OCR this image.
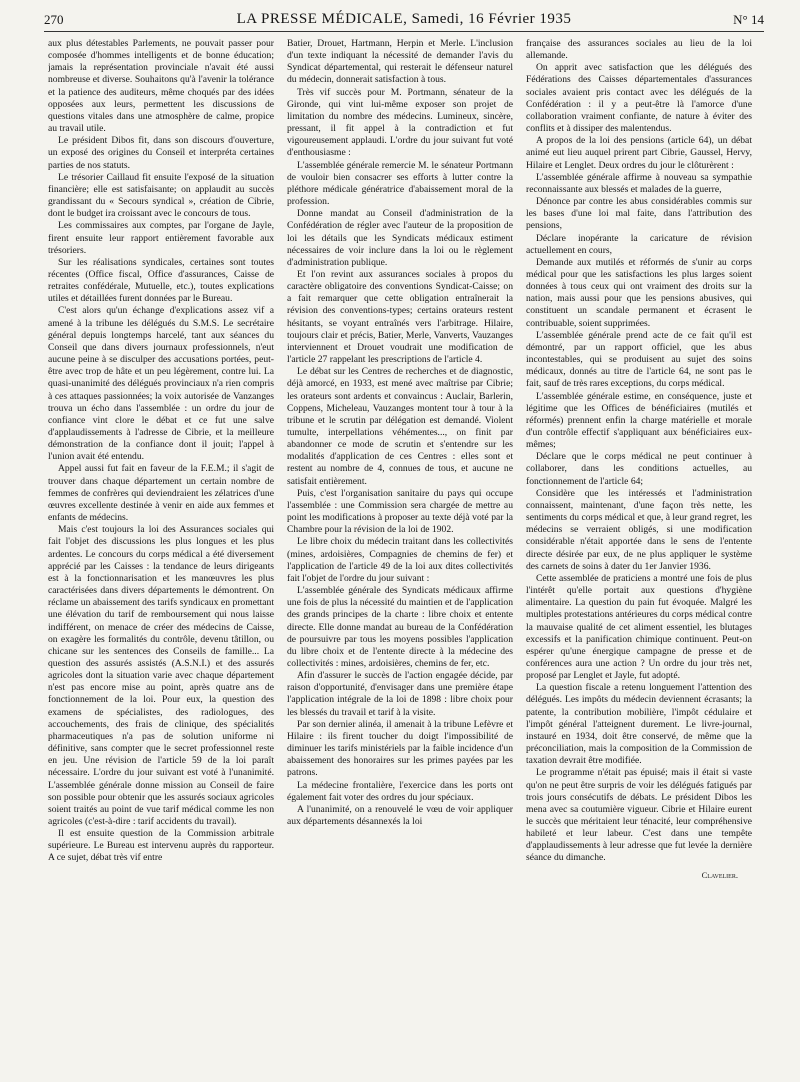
270	LA PRESSE MÉDICALE, Samedi, 16 Février 1935	N° 14

aux plus détestables Parlements, ne pouvait passer pour composée d'hommes intelligents et de bonne éducation; jamais la représentation provinciale n'avait été aussi nombreuse et diverse. Souhaitons qu'à l'avenir la tolérance et la patience des auditeurs, même choqués par des idées opposées aux leurs, permettent les discussions de questions vitales dans une atmosphère de calme, propice au travail utile.

Le président Dibos fit, dans son discours d'ouverture, un exposé des origines du Conseil et interpréta certaines parties de nos statuts.

Le trésorier Caillaud fit ensuite l'exposé de la situation financière; elle est satisfaisante; on applaudit au succès grandissant du « Secours syndical », création de Cibrie, dont le budget ira croissant avec le concours de tous.

Les commissaires aux comptes, par l'organe de Jayle, firent ensuite leur rapport entièrement favorable aux trésoriers.

Sur les réalisations syndicales, certaines sont toutes récentes (Office fiscal, Office d'assurances, Caisse de retraites confédérale, Mutuelle, etc.), toutes explications utiles et détaillées furent données par le Bureau.

C'est alors qu'un échange d'explications assez vif a amené à la tribune les délégués du S.M.S. Le secrétaire général depuis longtemps harcelé, tant aux séances du Conseil que dans divers journaux professionnels, n'eut aucune peine à se disculper des accusations portées, peut-être avec trop de hâte et un peu légèrement, contre lui. La quasi-unanimité des délégués provinciaux n'a rien compris à ces attaques passionnées; la voix autorisée de Vanzanges trouva un écho dans l'assemblée : un ordre du jour de confiance vint clore le débat et ce fut une salve d'applaudissements à l'adresse de Cibrie, et la meilleure démonstration de la confiance dont il jouit; l'appel à l'union avait été entendu.

Appel aussi fut fait en faveur de la F.E.M.; il s'agit de trouver dans chaque département un certain nombre de femmes de confrères qui deviendraient les zélatrices d'une œuvres excellente destinée à venir en aide aux femmes et enfants de médecins.

Mais c'est toujours la loi des Assurances sociales qui fait l'objet des discussions les plus longues et les plus ardentes. Le concours du corps médical a été diversement apprécié par les Caisses : la tendance de leurs dirigeants est à la fonctionnarisation et les manœuvres les plus caractérisées dans divers départements le démontrent. On réclame un abaissement des tarifs syndicaux en promettant une élévation du tarif de remboursement qui nous laisse indifférent, on menace de créer des médecins de Caisse, on exagère les formalités du contrôle, devenu tâtillon, ou chicane sur les sentences des Conseils de famille... La question des assurés assistés (A.S.N.I.) et des assurés agricoles dont la situation varie avec chaque département n'est pas encore mise au point, après quatre ans de fonctionnement de la loi. Pour eux, la question des examens de spécialistes, des radiologues, des accouchements, des frais de clinique, des spécialités pharmaceutiques n'a pas de solution uniforme ni définitive, sans compter que le secret professionnel reste en jeu. Une révision de l'article 59 de la loi paraît nécessaire. L'ordre du jour suivant est voté à l'unanimité. L'assemblée générale donne mission au Conseil de faire son possible pour obtenir que les assurés sociaux agricoles soient traités au point de vue tarif médical comme les non agricoles (c'est-à-dire : tarif accidents du travail).

Il est ensuite question de la Commission arbitrale supérieure. Le Bureau est intervenu auprès du rapporteur. A ce sujet, débat très vif entre

Batier, Drouet, Hartmann, Herpin et Merle. L'inclusion d'un texte indiquant la nécessité de demander l'avis du Syndicat départemental, qui resterait le défenseur naturel du médecin, donnerait satisfaction à tous.

Très vif succès pour M. Portmann, sénateur de la Gironde, qui vint lui-même exposer son projet de limitation du nombre des médecins. Lumineux, sincère, pressant, il fit appel à la contradiction et fut vigoureusement applaudi. L'ordre du jour suivant fut voté d'enthousiasme :

L'assemblée générale remercie M. le sénateur Portmann de vouloir bien consacrer ses efforts à lutter contre la pléthore médicale génératrice d'abaissement moral de la profession.

Donne mandat au Conseil d'administration de la Confédération de régler avec l'auteur de la proposition de loi les détails que les Syndicats médicaux estiment nécessaires de voir inclure dans la loi ou le règlement d'administration publique.

Et l'on revint aux assurances sociales à propos du caractère obligatoire des conventions Syndicat-Caisse; on a fait remarquer que cette obligation entraînerait la révision des conventions-types; certains orateurs restent hésitants, se voyant entraînés vers l'arbitrage. Hilaire, toujours clair et précis, Batier, Merle, Vanverts, Vauzanges interviennent et Drouet voudrait une modification de l'article 27 rappelant les prescriptions de l'article 4.

Le débat sur les Centres de recherches et de diagnostic, déjà amorcé, en 1933, est mené avec maîtrise par Cibrie; les orateurs sont ardents et convaincus : Auclair, Barlerin, Coppens, Micheleau, Vauzanges montent tour à tour à la tribune et le scrutin par délégation est demandé. Violent tumulte, interpellations véhémentes..., on finit par abandonner ce mode de scrutin et s'entendre sur les modalités d'application de ces Centres : elles sont et restent au nombre de 4, connues de tous, et aucune ne satisfait entièrement.

Puis, c'est l'organisation sanitaire du pays qui occupe l'assemblée : une Commission sera chargée de mettre au point les modifications à proposer au texte déjà voté par la Chambre pour la révision de la loi de 1902.

Le libre choix du médecin traitant dans les collectivités (mines, ardoisières, Compagnies de chemins de fer) et l'application de l'article 49 de la loi aux dites collectivités fait l'objet de l'ordre du jour suivant :

L'assemblée générale des Syndicats médicaux affirme une fois de plus la nécessité du maintien et de l'application des grands principes de la charte : libre choix et entente directe. Elle donne mandat au bureau de la Confédération de poursuivre par tous les moyens possibles l'application du libre choix et de l'entente directe à la médecine des collectivités : mines, ardoisières, chemins de fer, etc.

Afin d'assurer le succès de l'action engagée décide, par raison d'opportunité, d'envisager dans une première étape l'application intégrale de la loi de 1898 : libre choix pour les blessés du travail et tarif à la visite.

Par son dernier alinéa, il amenait à la tribune Lefèvre et Hilaire : ils firent toucher du doigt l'impossibilité de diminuer les tarifs ministériels par la faible incidence d'un abaissement des honoraires sur les primes payées par les patrons.

La médecine frontalière, l'exercice dans les ports ont également fait voter des ordres du jour spéciaux.

A l'unanimité, on a renouvelé le vœu de voir appliquer aux départements désannexés la loi

française des assurances sociales au lieu de la loi allemande.

On apprit avec satisfaction que les délégués des Fédérations des Caisses départementales d'assurances sociales avaient pris contact avec les délégués de la Confédération : il y a peut-être là l'amorce d'une collaboration vraiment confiante, de nature à éviter des conflits et à dissiper des malentendus.

A propos de la loi des pensions (article 64), un débat animé eut lieu auquel prirent part Cibrie, Gaussel, Hervy, Hilaire et Lenglet. Deux ordres du jour le clôturèrent :

L'assemblée générale affirme à nouveau sa sympathie reconnaissante aux blessés et malades de la guerre,

Dénonce par contre les abus considérables commis sur les bases d'une loi mal faite, dans l'attribution des pensions,

Déclare inopérante la caricature de révision actuellement en cours,

Demande aux mutilés et réformés de s'unir au corps médical pour que les satisfactions les plus larges soient données à tous ceux qui ont vraiment des droits sur la nation, mais aussi pour que les pensions abusives, qui constituent un scandale permanent et écrasent le contribuable, soient supprimées.

L'assemblée générale prend acte de ce fait qu'il est démontré, par un rapport officiel, que les abus incontestables, qui se produisent au sujet des soins médicaux, donnés au titre de l'article 64, ne sont pas le fait, sauf de très rares exceptions, du corps médical.

L'assemblée générale estime, en conséquence, juste et légitime que les Offices de bénéficiaires (mutilés et réformés) prennent enfin la charge matérielle et morale d'un contrôle effectif s'appliquant aux bénéficiaires eux-mêmes;

Déclare que le corps médical ne peut continuer à collaborer, dans les conditions actuelles, au fonctionnement de l'article 64;

Considère que les intéressés et l'administration connaissent, maintenant, d'une façon très nette, les sentiments du corps médical et que, à leur grand regret, les médecins se verraient obligés, si une modification considérable n'était apportée dans le sens de l'entente directe désirée par eux, de ne plus appliquer le système des carnets de soins à dater du 1er Janvier 1936.

Cette assemblée de praticiens a montré une fois de plus l'intérêt qu'elle portait aux questions d'hygiène alimentaire. La question du pain fut évoquée. Malgré les multiples protestations antérieures du corps médical contre la mauvaise qualité de cet aliment essentiel, les blutages excessifs et la panification chimique continuent. Peut-on espérer qu'une énergique campagne de presse et de conférences aura une action ? Un ordre du jour très net, proposé par Lenglet et Jayle, fut adopté.

La question fiscale a retenu longuement l'attention des délégués. Les impôts du médecin deviennent écrasants; la patente, la contribution mobilière, l'impôt cédulaire et l'impôt général l'atteignent durement. Le livre-journal, instauré en 1934, doit être conservé, de même que la préconciliation, mais la composition de la Commission de taxation devrait être modifiée.

Le programme n'était pas épuisé; mais il était si vaste qu'on ne peut être surpris de voir les délégués fatigués par trois jours consécutifs de débats. Le président Dibos les mena avec sa coutumière vigueur. Cibrie et Hilaire eurent le succès que méritaient leur ténacité, leur compréhensive habileté et leur labeur. C'est dans une tempête d'applaudissements à leur adresse que fut levée la dernière séance du dimanche.

Clavelier.
